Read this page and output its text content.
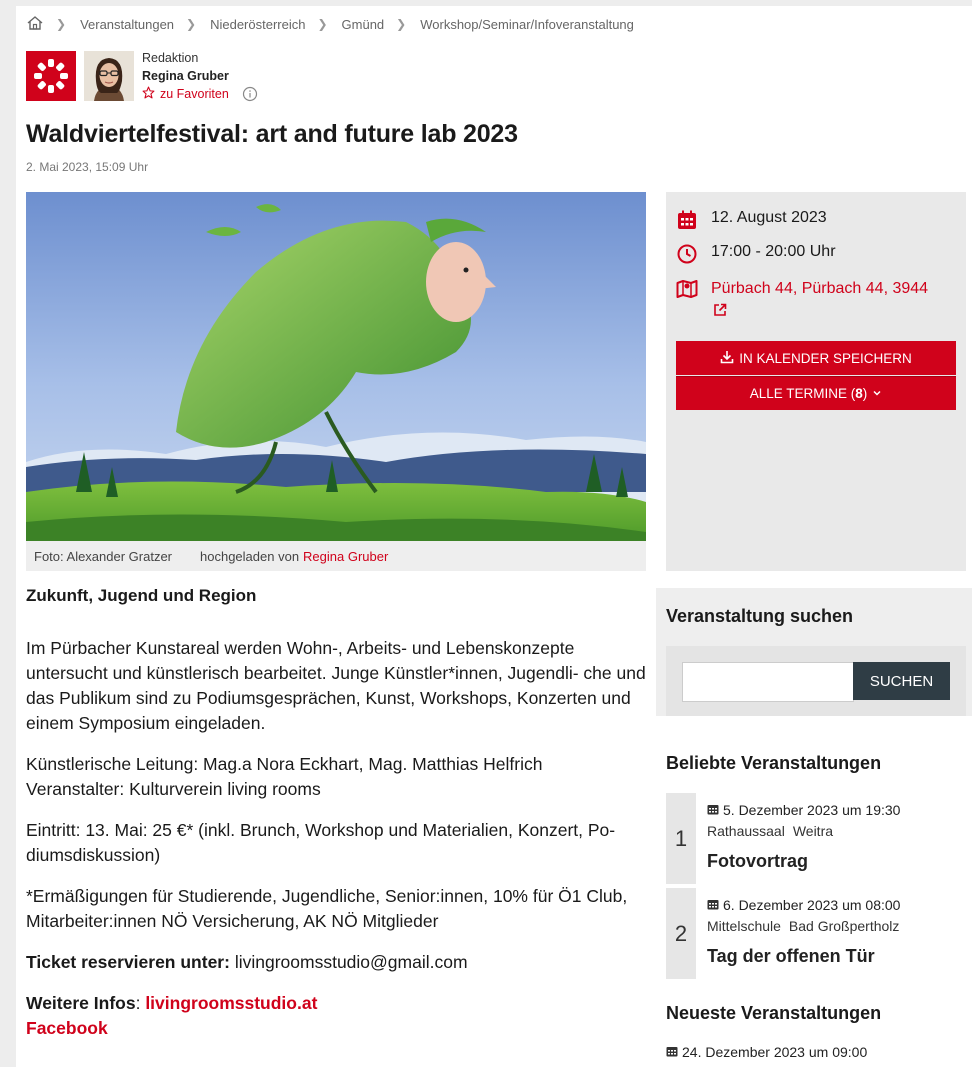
❯ Veranstaltungen ❯ Niederösterreich ❯ Gmünd ❯ Workshop/Seminar/Infoveranstaltung
Redaktion
Regina Gruber
zu Favoriten
Waldviertelfestival: art and future lab 2023
2. Mai 2023, 15:09 Uhr
Foto: Alexander Gratzer hochgeladen von Regina Gruber
12. August 2023
17:00 - 20:00 Uhr
Pürbach 44, Pürbach 44, 3944

IN KALENDER SPEICHERN
ALLE TERMINE (8)
Zukunft, Jugend und Region

Im Pürbacher Kunstareal werden Wohn-, Arbeits- und Lebenskonzepte untersucht und künstlerisch bearbeitet. Junge Künstler*innen, Jugendli- che und das Publikum sind zu Podiumsgesprächen, Kunst, Workshops, Konzerten und einem Symposium eingeladen.

Künstlerische Leitung: Mag.a Nora Eckhart, Mag. Matthias Helfrich
Veranstalter: Kulturverein living rooms

Eintritt: 13. Mai: 25 €* (inkl. Brunch, Workshop und Materialien, Konzert, Po- diumsdiskussion)

*Ermäßigungen für Studierende, Jugendliche, Senior:innen, 10% für Ö1 Club, Mitarbeiter:innen NÖ Versicherung, AK NÖ Mitglieder

Ticket reservieren unter: livingroomsstudio@gmail.com

Weitere Infos: livingroomsstudio.at
Facebook

Veranstaltung suchen
SUCHEN
Beliebte Veranstaltungen
1
5. Dezember 2023 um 19:30
Rathaussaal Weitra
Fotovortrag
2
6. Dezember 2023 um 08:00
Mittelschule Bad Großpertholz
Tag der offenen Tür
Neueste Veranstaltungen
24. Dezember 2023 um 09:00
